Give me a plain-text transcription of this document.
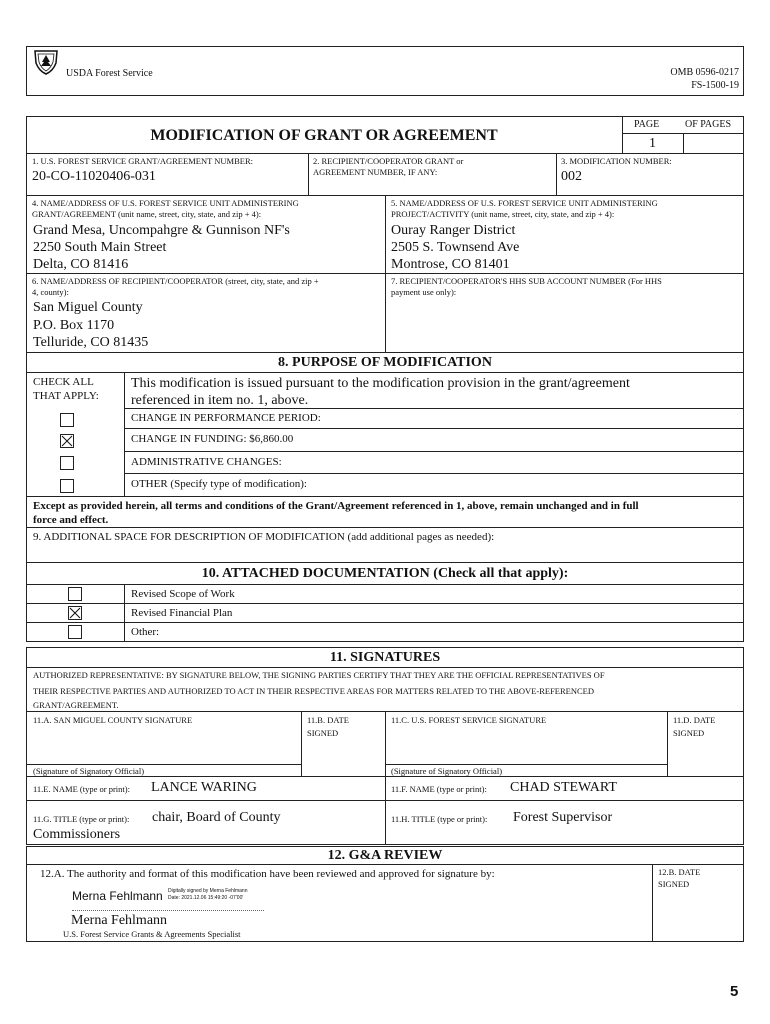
USDA Forest Service	OMB 0596-0217
FS-1500-19
MODIFICATION OF GRANT OR AGREEMENT
PAGE	OF PAGES
1
1. U.S. FOREST SERVICE GRANT/AGREEMENT NUMBER:
20-CO-11020406-031
2. RECIPIENT/COOPERATOR GRANT or
AGREEMENT NUMBER, IF ANY:
3. MODIFICATION NUMBER:
002
4. NAME/ADDRESS OF U.S. FOREST SERVICE UNIT ADMINISTERING
GRANT/AGREEMENT (unit name, street, city, state, and zip + 4):
Grand Mesa, Uncompahgre & Gunnison NF's
2250 South Main Street
Delta, CO 81416
5. NAME/ADDRESS OF U.S. FOREST SERVICE UNIT ADMINISTERING
PROJECT/ACTIVITY (unit name, street, city, state, and zip + 4):
Ouray Ranger District
2505 S. Townsend Ave
Montrose, CO 81401
6. NAME/ADDRESS OF RECIPIENT/COOPERATOR (street, city, state, and zip +
4, county):
San Miguel County
P.O. Box 1170
Telluride, CO 81435
7. RECIPIENT/COOPERATOR'S HHS SUB ACCOUNT NUMBER (For HHS
payment use only):
8. PURPOSE OF MODIFICATION
CHECK ALL
THAT APPLY:
This modification is issued pursuant to the modification provision in the grant/agreement
referenced in item no. 1, above.
CHANGE IN PERFORMANCE PERIOD:
CHANGE IN FUNDING: $6,860.00
ADMINISTRATIVE CHANGES:
OTHER (Specify type of modification):
Except as provided herein, all terms and conditions of the Grant/Agreement referenced in 1, above, remain unchanged and in full
force and effect.
9. ADDITIONAL SPACE FOR DESCRIPTION OF MODIFICATION (add additional pages as needed):
10. ATTACHED DOCUMENTATION (Check all that apply):
Revised Scope of Work
Revised Financial Plan
Other:
11. SIGNATURES
AUTHORIZED REPRESENTATIVE: BY SIGNATURE BELOW, THE SIGNING PARTIES CERTIFY THAT THEY ARE THE OFFICIAL REPRESENTATIVES OF
THEIR RESPECTIVE PARTIES AND AUTHORIZED TO ACT IN THEIR RESPECTIVE AREAS FOR MATTERS RELATED TO THE ABOVE-REFERENCED
GRANT/AGREEMENT.
11.A. SAN MIGUEL COUNTY SIGNATURE	11.B. DATE
SIGNED
11.C. U.S. FOREST SERVICE SIGNATURE	11.D. DATE
SIGNED
(Signature of Signatory Official)	(Signature of Signatory Official)
11.E. NAME (type or print): LANCE WARING	11.F. NAME (type or print): CHAD STEWART
11.G. TITLE (type or print): chair, Board of County
Commissioners
11.H. TITLE (type or print): Forest Supervisor
12. G&A REVIEW
12.A. The authority and format of this modification have been reviewed and approved for signature by:	12.B. DATE
SIGNED
Merna Fehlmann Digitally signed by Merna Fehlmann
Date: 2021.12.06 15:49:20 -07'00'
Merna Fehlmann
U.S. Forest Service Grants & Agreements Specialist
5
